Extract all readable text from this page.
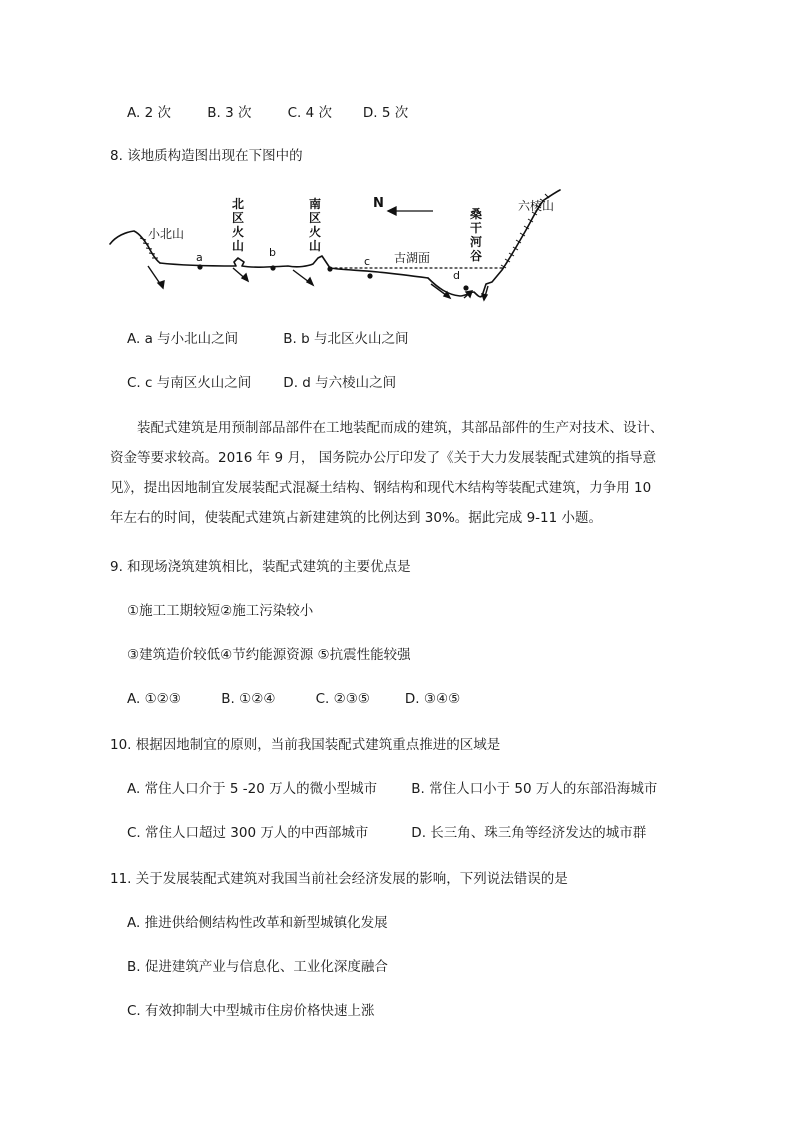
A. 2 次	B. 3 次	C. 4 次 D. 5 次
8. 该地质构造图出现在下图中的
N
小北山
a	b
c
d
古湖面
六棱山
北
区
火
山
南
区
火
山
桑
干
河
谷
A. a 与小北山之间	B. b 与北区火山之间
C. c 与南区火山之间 D. d 与六棱山之间
装配式建筑是用预制部品部件在工地装配而成的建筑，其部品部件的生产对技术、设计、
资金等要求较高。2016 年 9 月， 国务院办公厅印发了《关于大力发展装配式建筑的指导意
见》，提出因地制宜发展装配式混凝土结构、钢结构和现代木结构等装配式建筑，力争用 10
年左右的时间，使装配式建筑占新建建筑的比例达到 30%。据此完成 9-11 小题。
9. 和现场浇筑建筑相比，装配式建筑的主要优点是
①施工工期较短②施工污染较小
③建筑造价较低④节约能源资源 ⑤抗震性能较强
A. ①②③	B. ①②④	C. ②③⑤	D. ③④⑤
10. 根据因地制宜的原则，当前我国装配式建筑重点推进的区域是
A. 常住人口介于 5 -20 万人的微小型城市	B. 常住人口小于 50 万人的东部沿海城市
C. 常住人口超过 300 万人的中西部城市	D. 长三角、珠三角等经济发达的城市群
11. 关于发展装配式建筑对我国当前社会经济发展的影响，下列说法错误的是
A. 推进供给侧结构性改革和新型城镇化发展
B. 促进建筑产业与信息化、工业化深度融合
C. 有效抑制大中型城市住房价格快速上涨
